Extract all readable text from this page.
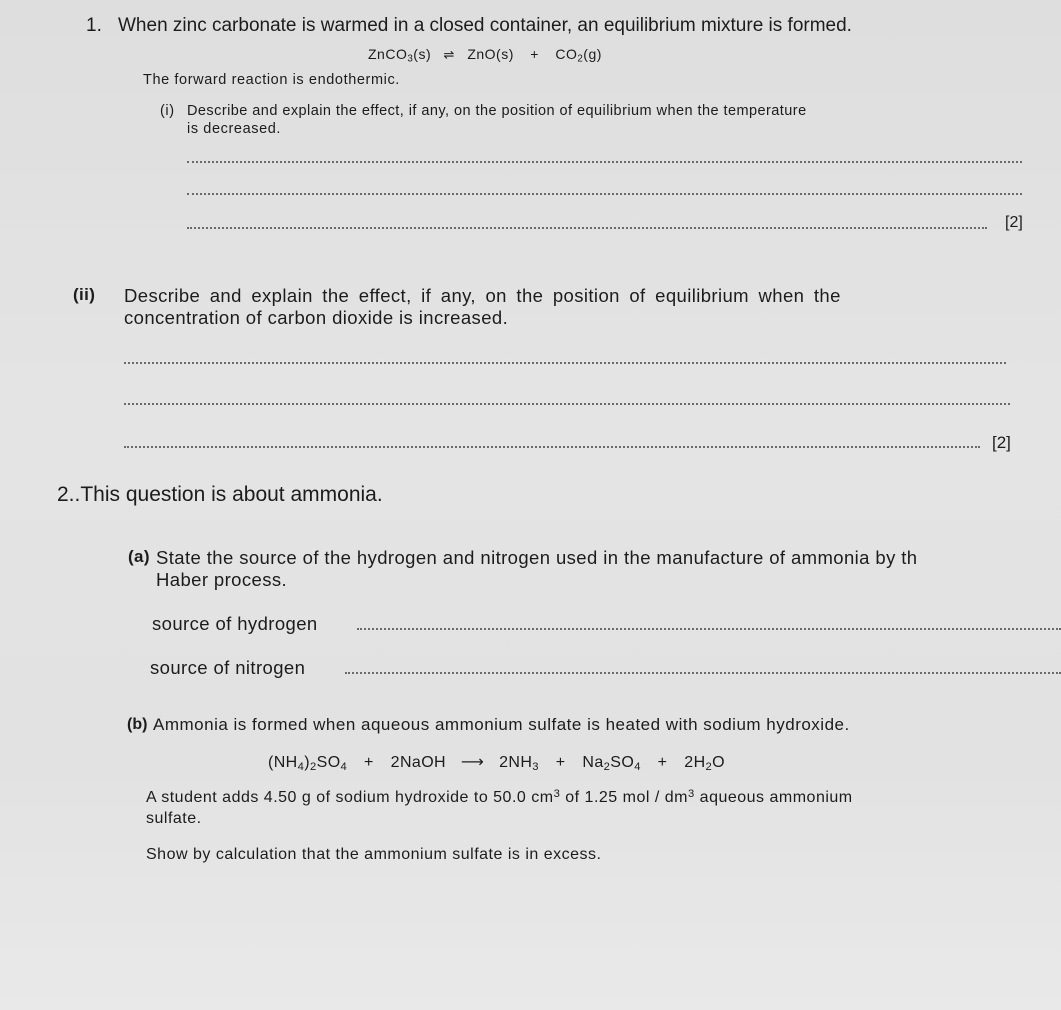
1. When zinc carbonate is warmed in a closed container, an equilibrium mixture is formed.
ZnCO$_3$(s) ⇌ $ZnO(s) + CO_2(g)$
The forward reaction is endothermic.
(i) Describe and explain the effect, if any, on the position of equilibrium when the temperature
is decreased.
[2]
(ii) Describe and explain the effect, if any, on the position of equilibrium when the
concentration of carbon dioxide is increased.
[2]
2..This question is about ammonia.
(a) State the source of the hydrogen and nitrogen used in the manufacture of ammonia by th
Haber process.
source of hydrogen
source of nitrogen
(b) Ammonia is formed when aqueous ammonium sulfate is heated with sodium hydroxide.
$(NH_4)_2SO_4$ + 2NaOH ⟶ $2NH_3 + Na_2SO_4 + 2H_2O$
A student adds 4.50 g of sodium hydroxide to 50.0 $cm^3$ of 1.25 mol / $dm^3$ aqueous ammonium
sulfate.
Show by calculation that the ammonium sulfate is in excess.
